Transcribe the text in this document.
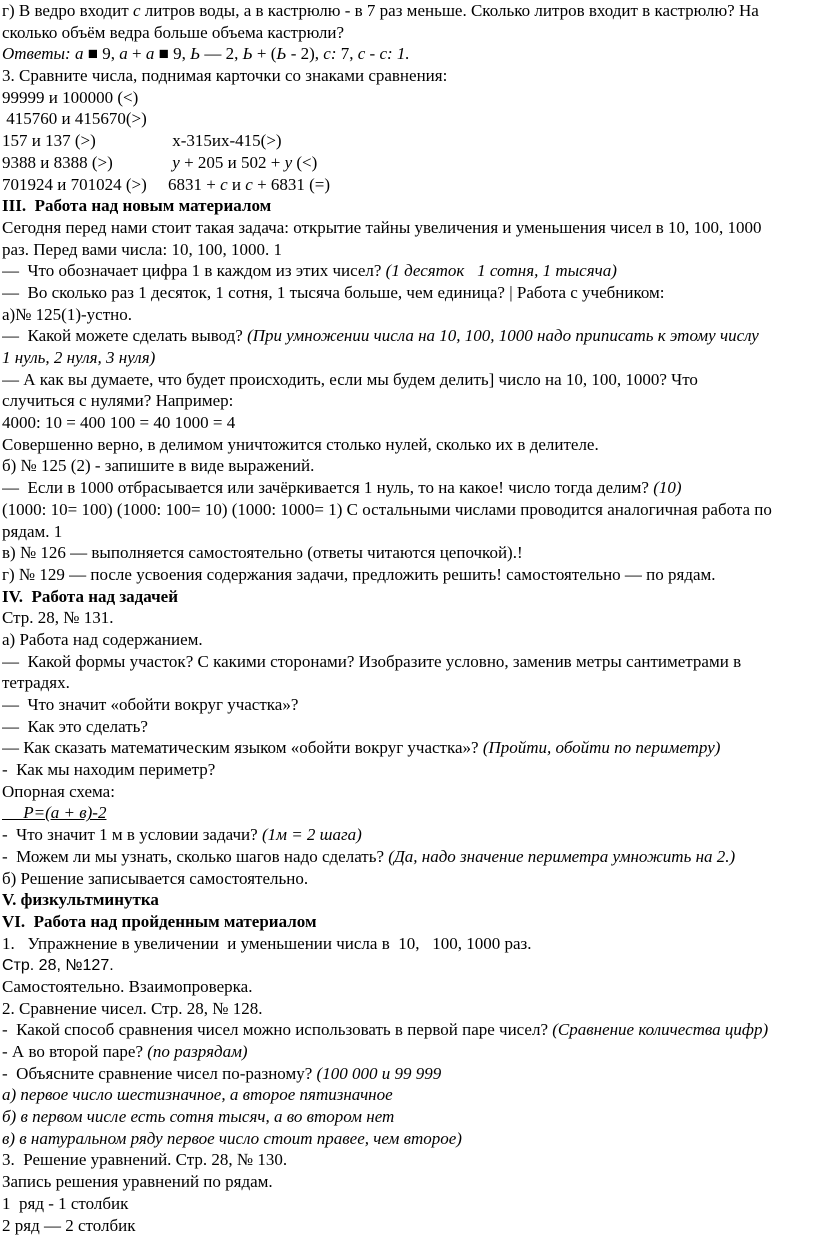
г) В ведро входит с литров воды, а в кастрюлю - в 7 раз меньше. Сколько литров входит в кастрюлю? На
сколько объём ведра больше объема кастрюли?
Ответы: а ■ 9, а + а ■ 9, Ь — 2, Ь + (Ь - 2), с: 7, с - с: 1.
3. Сравните числа, поднимая карточки со знаками сравнения:
99999 и 100000 (<)
415760 и 415670(>)
157 и 137 (>)                  х-315их-415(>)
9388 и 8388 (>)              у + 205 и 502 + у (<)
701924 и 701024 (>)     6831 + с и с + 6831 (=)
III.  Работа над новым материалом
Сегодня перед нами стоит такая задача: открытие тайны увеличения и уменьшения чисел в 10, 100, 1000
раз. Перед вами числа: 10, 100, 1000. 1
—  Что обозначает цифра 1 в каждом из этих чисел? (1 десяток   1 сотня, 1 тысяча)
—  Во сколько раз 1 десяток, 1 сотня, 1 тысяча больше, чем единица? | Работа с учебником:
а)№ 125(1)-устно.
—  Какой можете сделать вывод? (При умножении числа на 10, 100, 1000 надо приписать к этому числу
1 нуль, 2 нуля, 3 нуля)
— А как вы думаете, что будет происходить, если мы будем делить] число на 10, 100, 1000? Что
случиться с нулями? Например:
4000: 10 = 400 100 = 40 1000 = 4
Совершенно верно, в делимом уничтожится столько нулей, сколько их в делителе.
б) № 125 (2) - запишите в виде выражений.
—  Если в 1000 отбрасывается или зачёркивается 1 нуль, то на какое! число тогда делим? (10)
(1000: 10= 100) (1000: 100= 10) (1000: 1000= 1) С остальными числами проводится аналогичная работа по
рядам. 1
в) № 126 — выполняется самостоятельно (ответы читаются цепочкой).!
г) № 129 — после усвоения содержания задачи, предложить решить! самостоятельно — по рядам.
IV.  Работа над задачей
Стр. 28, № 131.
а) Работа над содержанием.
—  Какой формы участок? С какими сторонами? Изобразите условно, заменив метры сантиметрами в
тетрадях.
—  Что значит «обойти вокруг участка»?
—  Как это сделать?
— Как сказать математическим языком «обойти вокруг участка»? (Пройти, обойти по периметру)
-  Как мы находим периметр?
Опорная схема:
Р=(а + в)-2
-  Что значит 1 м в условии задачи? (1м = 2 шага)
-  Можем ли мы узнать, сколько шагов надо сделать? (Да, надо значение периметра умножить на 2.)
б) Решение записывается самостоятельно.
V. физкультминутка
VI.  Работа над пройденным материалом
1.   Упражнение в увеличении  и уменьшении числа в  10,   100, 1000 раз.
Стр. 28, №127.
Самостоятельно. Взаимопроверка.
2. Сравнение чисел. Стр. 28, № 128.
-  Какой способ сравнения чисел можно использовать в первой паре чисел? (Сравнение количества цифр)
- А во второй паре? (по разрядам)
-  Объясните сравнение чисел по-разному? (100 000 и 99 999
а) первое число шестизначное, а второе пятизначное
б) в первом числе есть сотня тысяч, а во втором нет
в) в натуральном ряду первое число стоит правее, чем второе)
3.  Решение уравнений. Стр. 28, № 130.
Запись решения уравнений по рядам.
1  ряд - 1 столбик
2 ряд — 2 столбик
